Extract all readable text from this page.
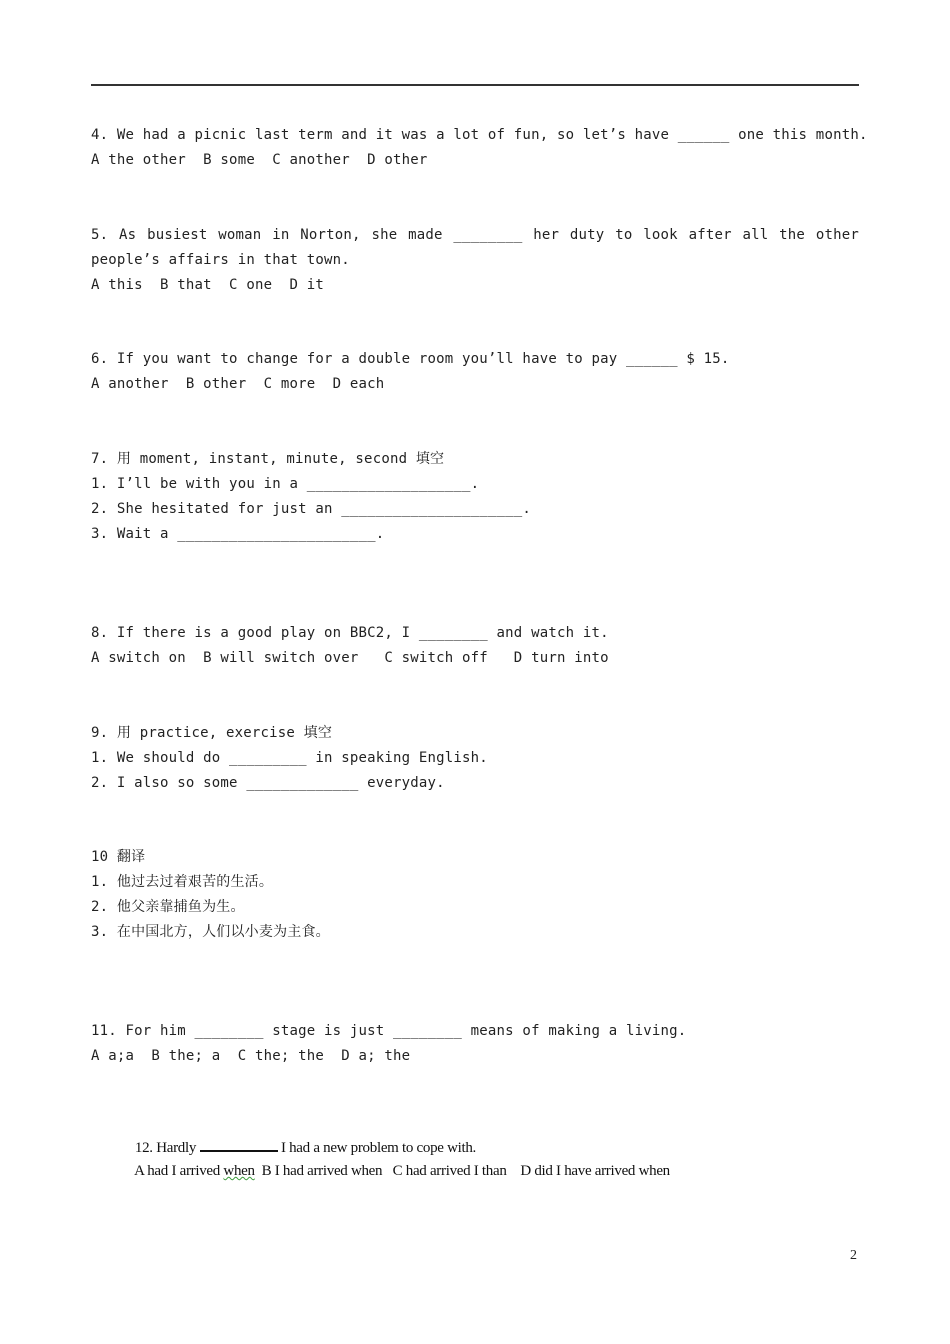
4. We had a picnic last term and it was a lot of fun, so let’s have ______ one this month.
A the other  B some  C another  D other
5. As busiest woman in Norton, she made ________ her duty to look after all the other
people’s affairs in that town.
A this  B that  C one  D it
6. If you want to change for a double room you’ll have to pay ______ $ 15.
A another  B other  C more  D each
7. 用 moment, instant, minute, second 填空
1. I’ll be with you in a ___________________.
2. She hesitated for just an _____________________.
3. Wait a _______________________.
8. If there is a good play on BBC2, I ________ and watch it.
A switch on  B will switch over   C switch off   D turn into
9. 用 practice, exercise 填空
1. We should do _________ in speaking English.
2. I also so some _____________ everyday.
10 翻译
1. 他过去过着艰苦的生活。
2. 他父亲靠捕鱼为生。
3. 在中国北方，人们以小麦为主食。
11. For him ________ stage is just ________ means of making a living.
A a;a  B the; a  C the; the  D a; the

12. Hardly	I had a new problem to cope with.

A had I arrived when  B I had arrived when   C had arrived I than    D did I have arrived when

2
